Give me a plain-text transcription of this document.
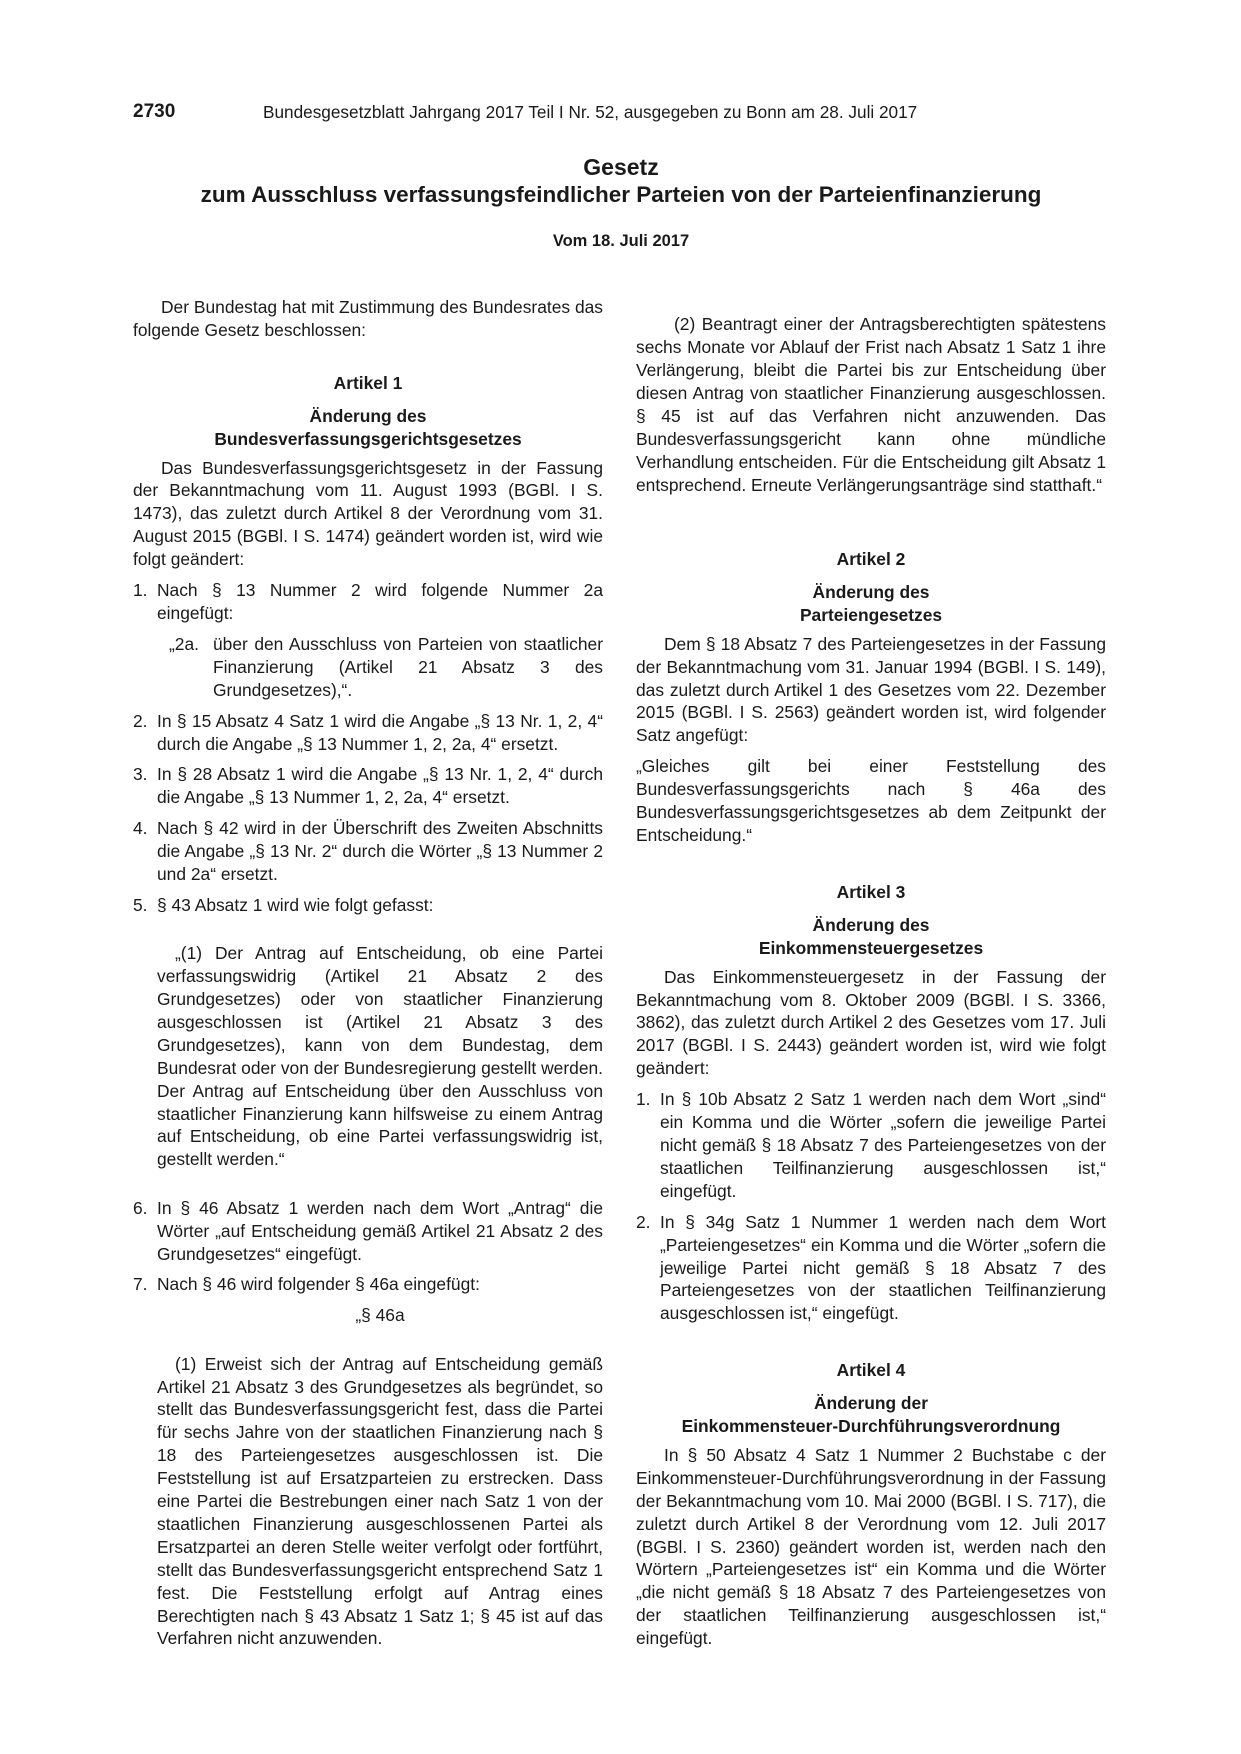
2730	Bundesgesetzblatt Jahrgang 2017 Teil I Nr. 52, ausgegeben zu Bonn am 28. Juli 2017

Gesetz

zum Ausschluss verfassungsfeindlicher Parteien von der Parteienfinanzierung

Vom 18. Juli 2017

Der Bundestag hat mit Zustimmung des Bundesrates das folgende Gesetz beschlossen:

Artikel 1

Änderung des

Bundesverfassungsgerichtsgesetzes

Das Bundesverfassungsgerichtsgesetz in der Fassung der Bekanntmachung vom 11. August 1993 (BGBl. I S. 1473), das zuletzt durch Artikel 8 der Verordnung vom 31. August 2015 (BGBl. I S. 1474) geändert worden ist, wird wie folgt geändert:

1. Nach § 13 Nummer 2 wird folgende Nummer 2a eingefügt:
„2a. über den Ausschluss von Parteien von staatlicher Finanzierung (Artikel 21 Absatz 3 des Grundgesetzes),“.
2. In § 15 Absatz 4 Satz 1 wird die Angabe „§ 13 Nr. 1, 2, 4“ durch die Angabe „§ 13 Nummer 1, 2, 2a, 4“ ersetzt.
3. In § 28 Absatz 1 wird die Angabe „§ 13 Nr. 1, 2, 4“ durch die Angabe „§ 13 Nummer 1, 2, 2a, 4“ ersetzt.
4. Nach § 42 wird in der Überschrift des Zweiten Abschnitts die Angabe „§ 13 Nr. 2“ durch die Wörter „§ 13 Nummer 2 und 2a“ ersetzt.
5. § 43 Absatz 1 wird wie folgt gefasst:

„(1) Der Antrag auf Entscheidung, ob eine Partei verfassungswidrig (Artikel 21 Absatz 2 des Grundgesetzes) oder von staatlicher Finanzierung ausgeschlossen ist (Artikel 21 Absatz 3 des Grundgesetzes), kann von dem Bundestag, dem Bundesrat oder von der Bundesregierung gestellt werden. Der Antrag auf Entscheidung über den Ausschluss von staatlicher Finanzierung kann hilfsweise zu einem Antrag auf Entscheidung, ob eine Partei verfassungswidrig ist, gestellt werden.“

6. In § 46 Absatz 1 werden nach dem Wort „Antrag“ die Wörter „auf Entscheidung gemäß Artikel 21 Absatz 2 des Grundgesetzes“ eingefügt.
7. Nach § 46 wird folgender § 46a eingefügt:

„§ 46a

(1) Erweist sich der Antrag auf Entscheidung gemäß Artikel 21 Absatz 3 des Grundgesetzes als begründet, so stellt das Bundesverfassungsgericht fest, dass die Partei für sechs Jahre von der staatlichen Finanzierung nach § 18 des Parteiengesetzes ausgeschlossen ist. Die Feststellung ist auf Ersatzparteien zu erstrecken. Dass eine Partei die Bestrebungen einer nach Satz 1 von der staatlichen Finanzierung ausgeschlossenen Partei als Ersatzpartei an deren Stelle weiter verfolgt oder fortführt, stellt das Bundesverfassungsgericht entsprechend Satz 1 fest. Die Feststellung erfolgt auf Antrag eines Berechtigten nach § 43 Absatz 1 Satz 1; § 45 ist auf das Verfahren nicht anzuwenden.

(2) Beantragt einer der Antragsberechtigten spätestens sechs Monate vor Ablauf der Frist nach Absatz 1 Satz 1 ihre Verlängerung, bleibt die Partei bis zur Entscheidung über diesen Antrag von staatlicher Finanzierung ausgeschlossen. § 45 ist auf das Verfahren nicht anzuwenden. Das Bundesverfassungsgericht kann ohne mündliche Verhandlung entscheiden. Für die Entscheidung gilt Absatz 1 entsprechend. Erneute Verlängerungsanträge sind statthaft.“

Artikel 2

Änderung des

Parteiengesetzes

Dem § 18 Absatz 7 des Parteiengesetzes in der Fassung der Bekanntmachung vom 31. Januar 1994 (BGBl. I S. 149), das zuletzt durch Artikel 1 des Gesetzes vom 22. Dezember 2015 (BGBl. I S. 2563) geändert worden ist, wird folgender Satz angefügt:

„Gleiches gilt bei einer Feststellung des Bundesverfassungsgerichts nach § 46a des Bundesverfassungsgerichtsgesetzes ab dem Zeitpunkt der Entscheidung.“

Artikel 3

Änderung des

Einkommensteuergesetzes

Das Einkommensteuergesetz in der Fassung der Bekanntmachung vom 8. Oktober 2009 (BGBl. I S. 3366, 3862), das zuletzt durch Artikel 2 des Gesetzes vom 17. Juli 2017 (BGBl. I S. 2443) geändert worden ist, wird wie folgt geändert:

1. In § 10b Absatz 2 Satz 1 werden nach dem Wort „sind“ ein Komma und die Wörter „sofern die jeweilige Partei nicht gemäß § 18 Absatz 7 des Parteiengesetzes von der staatlichen Teilfinanzierung ausgeschlossen ist,“ eingefügt.
2. In § 34g Satz 1 Nummer 1 werden nach dem Wort „Parteiengesetzes“ ein Komma und die Wörter „sofern die jeweilige Partei nicht gemäß § 18 Absatz 7 des Parteiengesetzes von der staatlichen Teilfinanzierung ausgeschlossen ist,“ eingefügt.

Artikel 4

Änderung der

Einkommensteuer-Durchführungsverordnung

In § 50 Absatz 4 Satz 1 Nummer 2 Buchstabe c der Einkommensteuer-Durchführungsverordnung in der Fassung der Bekanntmachung vom 10. Mai 2000 (BGBl. I S. 717), die zuletzt durch Artikel 8 der Verordnung vom 12. Juli 2017 (BGBl. I S. 2360) geändert worden ist, werden nach den Wörtern „Parteiengesetzes ist“ ein Komma und die Wörter „die nicht gemäß § 18 Absatz 7 des Parteiengesetzes von der staatlichen Teilfinanzierung ausgeschlossen ist,“ eingefügt.
